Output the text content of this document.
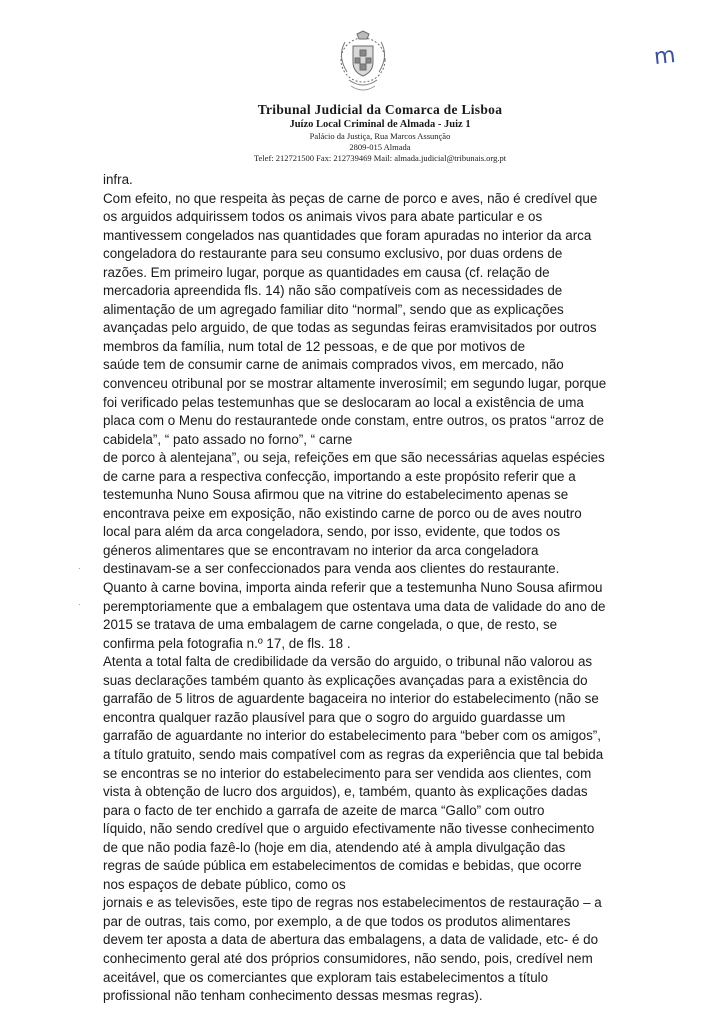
m
Tribunal Judicial da Comarca de Lisboa
Juízo Local Criminal de Almada - Juiz 1
Palácio da Justiça, Rua Marcos Assunção
2809-015 Almada
Telef: 212721500 Fax: 212739469 Mail: almada.judicial@tribunais.org.pt
infra.
Com efeito, no que respeita às peças de carne de porco e aves, não é credível que
os arguidos adquirissem todos os animais vivos para abate particular e os
mantivessem congelados nas quantidades que foram apuradas no interior da arca
congeladora do restaurante para seu consumo exclusivo, por duas ordens de
razões. Em primeiro lugar, porque as quantidades em causa (cf. relação de
mercadoria apreendida fls. 14) não são compatíveis com as necessidades de
alimentação de um agregado familiar dito “normal”, sendo que as explicações
avançadas pelo arguido, de que todas as segundas feiras eramvisitados por outros
membros da família, num total de 12 pessoas, e de que por motivos de
saúde tem de consumir carne de animais comprados vivos, em mercado, não
convenceu otribunal por se mostrar altamente inverosímil; em segundo lugar, porque
foi verificado pelas testemunhas que se deslocaram ao local a existência de uma
placa com o Menu do restaurantede onde constam, entre outros, os pratos “arroz de
cabidela”, “ pato assado no forno”, “ carne
de porco à alentejana”, ou seja, refeições em que são necessárias aquelas espécies
de carne para a respectiva confecção, importando a este propósito referir que a
testemunha Nuno Sousa afirmou que na vitrine do estabelecimento apenas se
encontrava peixe em exposição, não existindo carne de porco ou de aves noutro
local para além da arca congeladora, sendo, por isso, evidente, que todos os
géneros alimentares que se encontravam no interior da arca congeladora
destinavam-se a ser confeccionados para venda aos clientes do restaurante.
Quanto à carne bovina, importa ainda referir que a testemunha Nuno Sousa afirmou
peremptoriamente que a embalagem que ostentava uma data de validade do ano de
2015 se tratava de uma embalagem de carne congelada, o que, de resto, se
confirma pela fotografia n.º 17, de fls. 18 .
Atenta a total falta de credibilidade da versão do arguido, o tribunal não valorou as
suas declarações também quanto às explicações avançadas para a existência do
garrafão de 5 litros de aguardente bagaceira no interior do estabelecimento (não se
encontra qualquer razão plausível para que o sogro do arguido guardasse um
garrafão de aguardante no interior do estabelecimento para “beber com os amigos”,
a título gratuito, sendo mais compatível com as regras da experiência que tal bebida
se encontras se no interior do estabelecimento para ser vendida aos clientes, com
vista à obtenção de lucro dos arguidos), e, também, quanto às explicações dadas
para o facto de ter enchido a garrafa de azeite de marca “Gallo” com outro
líquido, não sendo credível que o arguido efectivamente não tivesse conhecimento
de que não podia fazê-lo (hoje em dia, atendendo até à ampla divulgação das
regras de saúde pública em estabelecimentos de comidas e bebidas, que ocorre
nos espaços de debate público, como os
jornais e as televisões, este tipo de regras nos estabelecimentos de restauração – a
par de outras, tais como, por exemplo, a de que todos os produtos alimentares
devem ter aposta a data de abertura das embalagens, a data de validade, etc- é do
conhecimento geral até dos próprios consumidores, não sendo, pois, credível nem
aceitável, que os comerciantes que exploram tais estabelecimentos a título
profissional não tenham conhecimento dessas mesmas regras).
·
·
